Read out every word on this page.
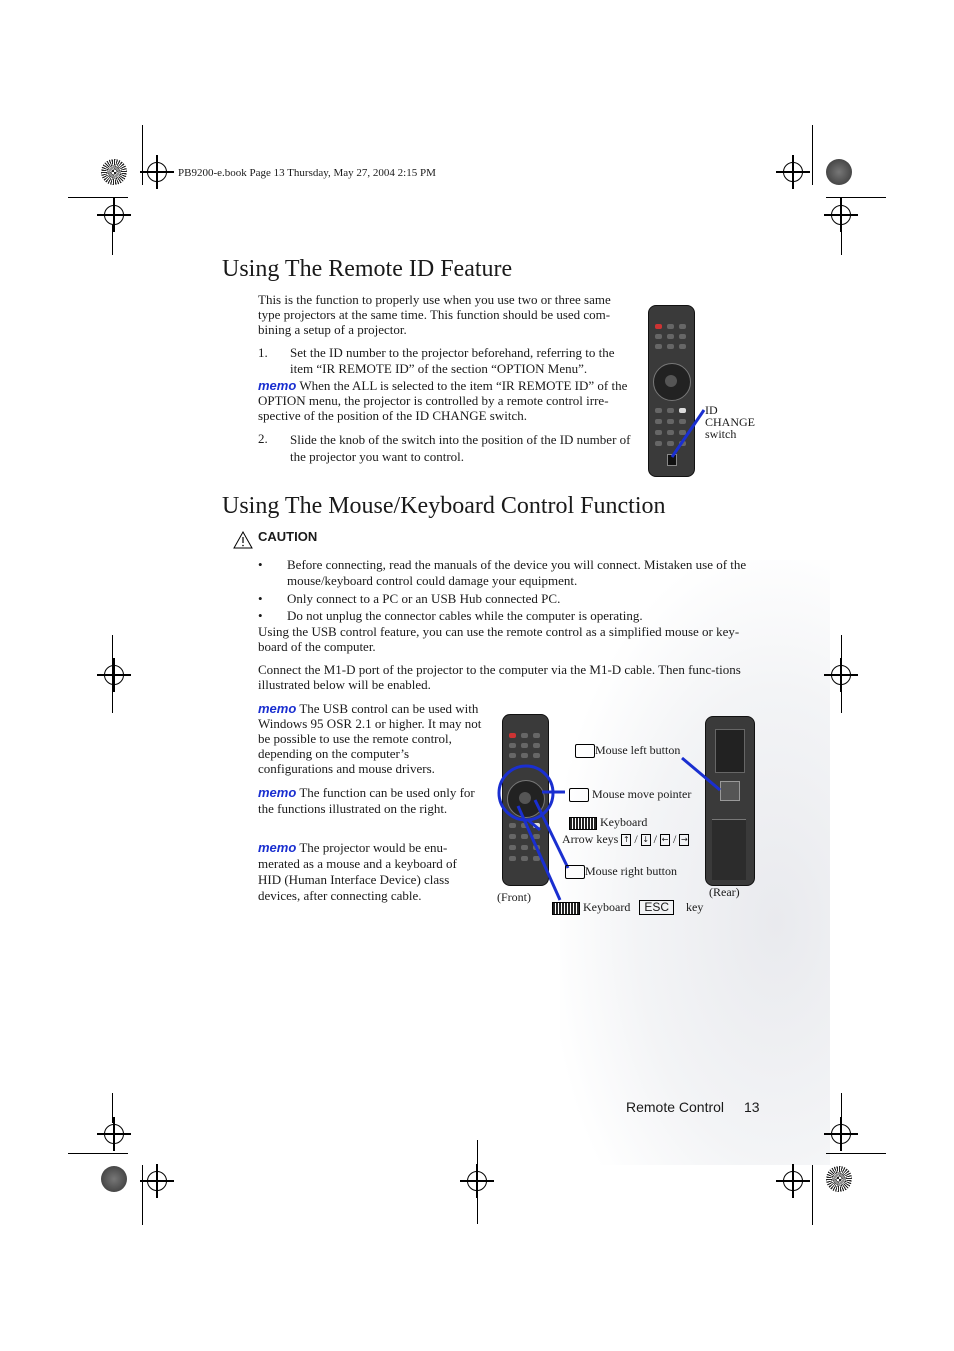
PB9200-e.book Page 13 Thursday, May 27, 2004 2:15 PM
Using The Remote ID Feature
This is the function to properly use when you use two or three same type projectors at the same time. This function should be used com-bining a setup of a projector.
1. Set the ID number to the projector beforehand, referring to the item “IR REMOTE ID” of the section “OPTION Menu”.
memo When the ALL is selected to the item “IR REMOTE ID” of the OPTION menu, the projector is controlled by a remote control irre-spective of the position of the ID CHANGE switch.
2. Slide the knob of the switch into the position of the ID number of the projector you want to control.
ID CHANGE switch
Using The Mouse/Keyboard Control Function
CAUTION
• Before connecting, read the manuals of the device you will connect. Mistaken use of the mouse/keyboard control could damage your equipment.
• Only connect to a PC or an USB Hub connected PC.
• Do not unplug the connector cables while the computer is operating.
Using the USB control feature, you can use the remote control as a simplified mouse or key-board of the computer.
Connect the M1-D port of the projector to the computer via the M1-D cable. Then func-tions illustrated below will be enabled.
memo The USB control can be used with Windows 95 OSR 2.1 or higher. It may not be possible to use the remote control, depending on the computer’s configurations and mouse drivers.
memo The function can be used only for the functions illustrated on the right.
memo The projector would be enu-merated as a mouse and a keyboard of HID (Human Interface Device) class devices, after connecting cable.
Mouse left button
Mouse move pointer
Keyboard
Arrow keys ↑ / ↓ / ← / →
Mouse right button
(Front)	(Rear)
Keyboard ESC key
Remote Control 13
